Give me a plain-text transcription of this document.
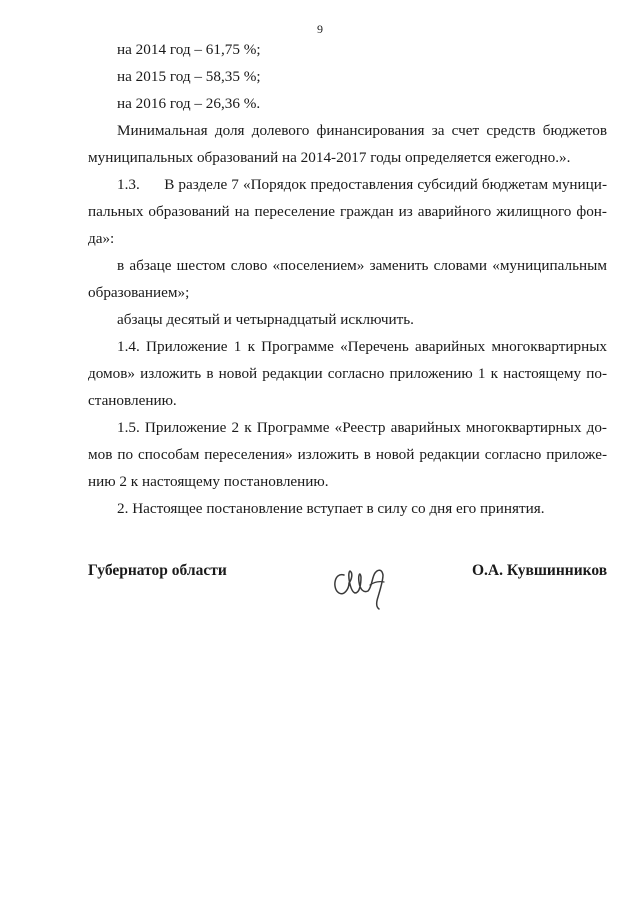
9
на 2014 год – 61,75 %;
на 2015 год – 58,35 %;
на 2016 год – 26,36 %.
Минимальная доля долевого финансирования за счет средств бюджетов
муниципальных образований на 2014-2017 годы определяется ежегодно.».
1.3.      В разделе 7 «Порядок предоставления субсидий бюджетам муници-
пальных образований на переселение граждан из аварийного жилищного фон-
да»:
в абзаце шестом слово «поселением» заменить словами «муниципальным
образованием»;
абзацы десятый и четырнадцатый исключить.
1.4. Приложение 1 к Программе «Перечень аварийных многоквартирных
домов» изложить в новой редакции согласно приложению 1 к настоящему по-
становлению.
1.5. Приложение 2 к Программе «Реестр аварийных многоквартирных до-
мов по способам переселения» изложить в новой редакции согласно приложе-
нию 2 к настоящему постановлению.
2. Настоящее постановление вступает в силу со дня его принятия.
Губернатор области	О.А. Кувшинников
